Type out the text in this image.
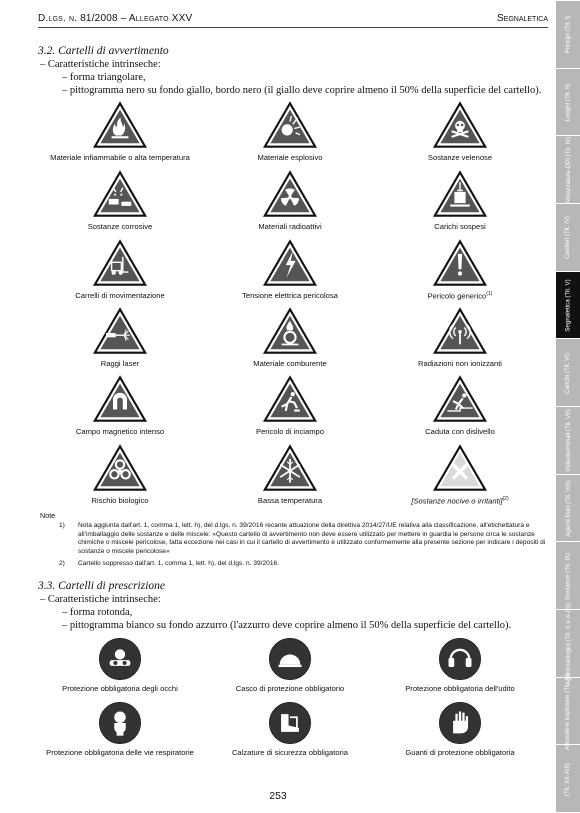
D.lgs. n. 81/2008 – Allegato XXV	Segnaletica
3.2. Cartelli di avvertimento
– Caratteristiche intrinseche:
– forma triangolare,
– pittogramma nero su fondo giallo, bordo nero (il giallo deve coprire almeno il 50% della superficie del cartello).
Materiale infiammabile o alta temperatura	Materiale esplosivo	Sostanze velenose
Sostanze corrosive	Materiali radioattivi	Carichi sospesi
Carrelli di movimentazione	Tensione elettrica pericolosa	Pericolo generico$^{(1)}$
Raggi laser	Materiale comburente	Radiazioni non ionizzanti
Campo magnetico intenso	Pericolo di inciampo	Caduta con dislivello
Rischio biologico	Bassa temperatura	[Sostanze nocive o irritanti]$^{(2)}$
Note
1) Nota aggiunta dall'art. 1, comma 1, lett. h), del d.lgs. n. 39/2016 recante attuazione della direttiva 2014/27/UE relativa alla classificazione, all'etichettatura e all'imballaggio delle sostanze e delle miscele: «Questo cartello di avvertimento non deve essere utilizzato per mettere in guardia le persone circa le sostanze chimiche o miscele pericolose, fatta eccezione nei casi in cui il cartello di avvertimento è utilizzato conformemente alla presente sezione per indicare i depositi di sostanze o miscele pericolose»
2) Cartello soppresso dall'art. 1, comma 1, lett. h), del d.lgs. n. 39/2016.
3.3. Cartelli di prescrizione
– Caratteristiche intrinseche:
– forma rotonda,
– pittogramma bianco su fondo azzurro (l'azzurro deve coprire almeno il 50% della superficie del cartello).
Protezione obbligatoria degli occhi	Casco di protezione obbligatorio	Protezione obbligatoria dell'udito
Protezione obbligatoria delle vie respiratorie	Calzature di sicurezza obbligatoria	Guanti di protezione obbligatoria
253
Principi (Tit. I)
Luoghi (Tit. II)
Attrezzature-DPI (Tit. III)
Cantieri (Tit. IV)
Segnaletica (Tit. V)
Carichi (Tit. VI)
Videoterminali (Tit. VII)
Agenti fisici (Tit. VIII)
Sostanze (Tit. IX)
Agenti biologici (Tit. X e X-bis)
Atmosfere esplosive (Tit. XI)
(Tit. XII-XIII)
